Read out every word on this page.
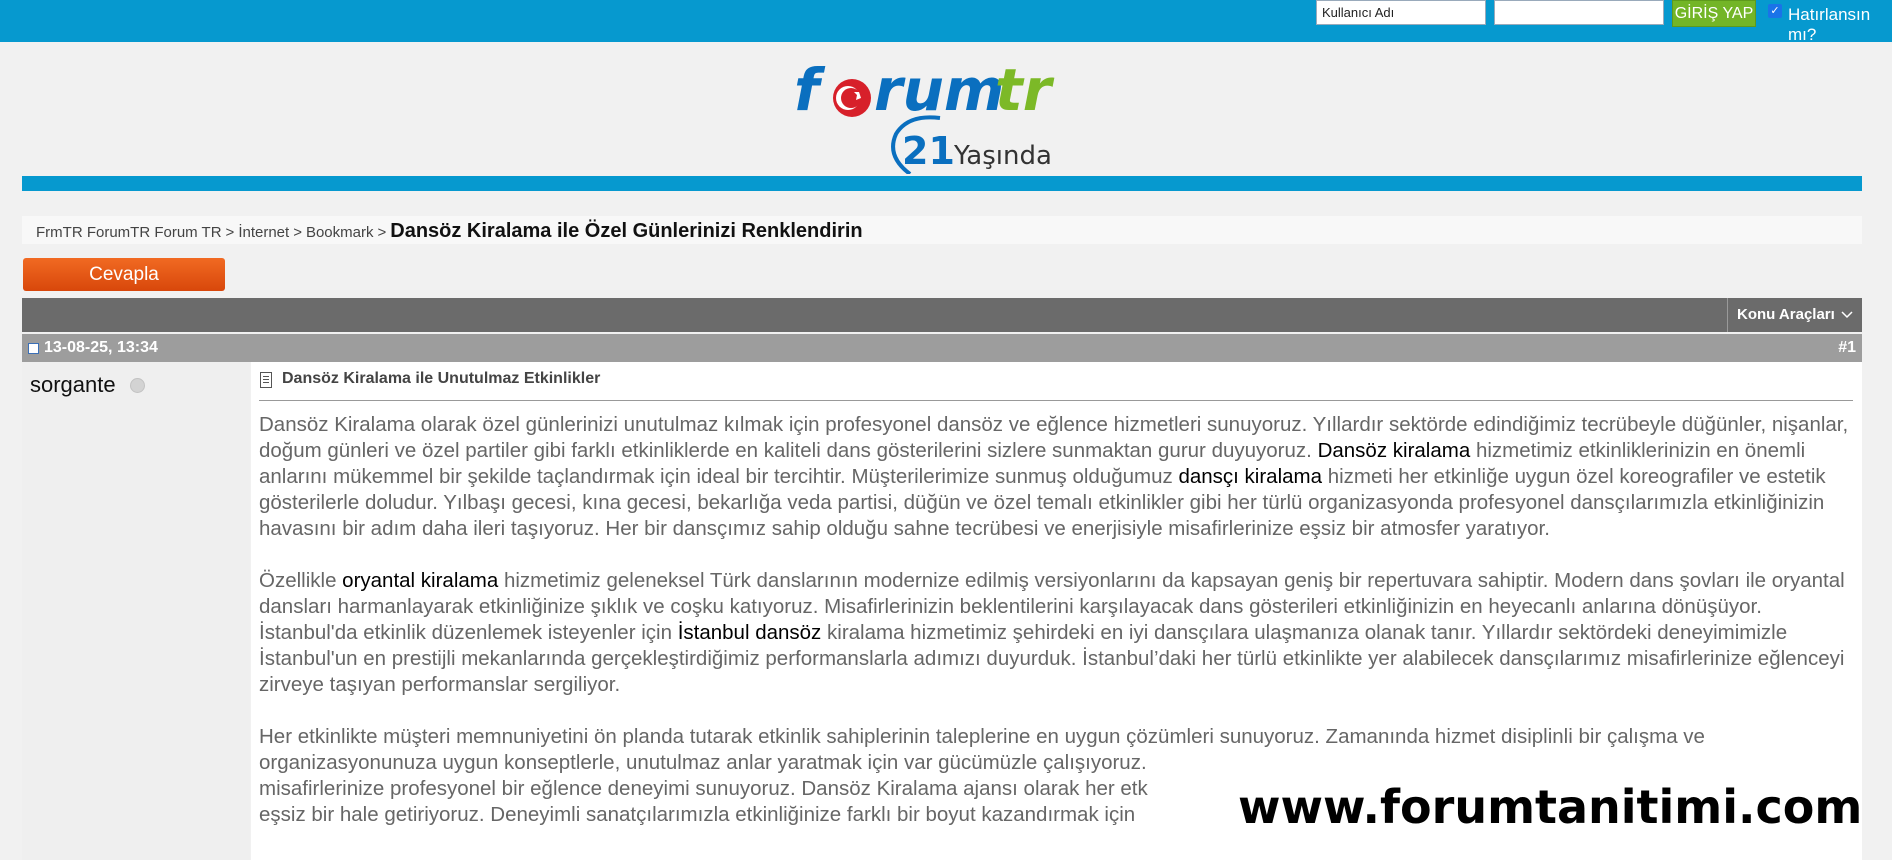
Kullanıcı Adı	GİRİŞ YAP ✓ Hatırlansın mı?
f rum
tr
21 Yaşında
FrmTR ForumTR Forum TR > İnternet > Bookmark > Dansöz Kiralama ile Özel Günlerinizi Renklendirin
Cevapla
Konu Araçları
13-08-25, 13:34	#1
sorgante	Dansöz Kiralama ile Unutulmaz Etkinlikler

Dansöz Kiralama olarak özel günlerinizi unutulmaz kılmak için profesyonel dansöz ve eğlence hizmetleri sunuyoruz. Yıllardır sektörde edindiğimiz tecrübeyle düğünler, nişanlar, doğum günleri ve özel partiler gibi farklı etkinliklerde en kaliteli dans gösterilerini sizlere sunmaktan gurur duyuyoruz. Dansöz kiralama hizmetimiz etkinliklerinizin en önemli anlarını mükemmel bir şekilde taçlandırmak için ideal bir tercihtir. Müşterilerimize sunmuş olduğumuz dansçı kiralama hizmeti her etkinliğe uygun özel koreografiler ve estetik gösterilerle doludur. Yılbaşı gecesi, kına gecesi, bekarlığa veda partisi, düğün ve özel temalı etkinlikler gibi her türlü organizasyonda profesyonel dansçılarımızla etkinliğinizin havasını bir adım daha ileri taşıyoruz. Her bir dansçımız sahip olduğu sahne tecrübesi ve enerjisiyle misafirlerinize eşsiz bir atmosfer yaratıyor.

Özellikle oryantal kiralama hizmetimiz geleneksel Türk danslarının modernize edilmiş versiyonlarını da kapsayan geniş bir repertuvara sahiptir. Modern dans şovları ile oryantal dansları harmanlayarak etkinliğinize şıklık ve coşku katıyoruz. Misafirlerinizin beklentilerini karşılayacak dans gösterileri etkinliğinizin en heyecanlı anlarına dönüşüyor. İstanbul'da etkinlik düzenlemek isteyenler için İstanbul dansöz kiralama hizmetimiz şehirdeki en iyi dansçılara ulaşmanıza olanak tanır. Yıllardır sektördeki deneyimimizle İstanbul'un en prestijli mekanlarında gerçekleştirdiğimiz performanslarla adımızı duyurduk. İstanbul’daki her türlü etkinlikte yer alabilecek dansçılarımız misafirlerinize eğlenceyi zirveye taşıyan performanslar sergiliyor.

Her etkinlikte müşteri memnuniyetini ön planda tutarak etkinlik sahiplerinin taleplerine en uygun çözümleri sunuyoruz. Zamanında hizmet disiplinli bir çalışma ve
organizasyonunuza uygun konseptlerle, unutulmaz anlar yaratmak için var gücümüzle çalışıyoruz.
misafirlerinize profesyonel bir eğlence deneyimi sunuyoruz. Dansöz Kiralama ajansı olarak her etk
eşsiz bir hale getiriyoruz. Deneyimli sanatçılarımızla etkinliğinize farklı bir boyut kazandırmak için	www.forumtanitimi.com
